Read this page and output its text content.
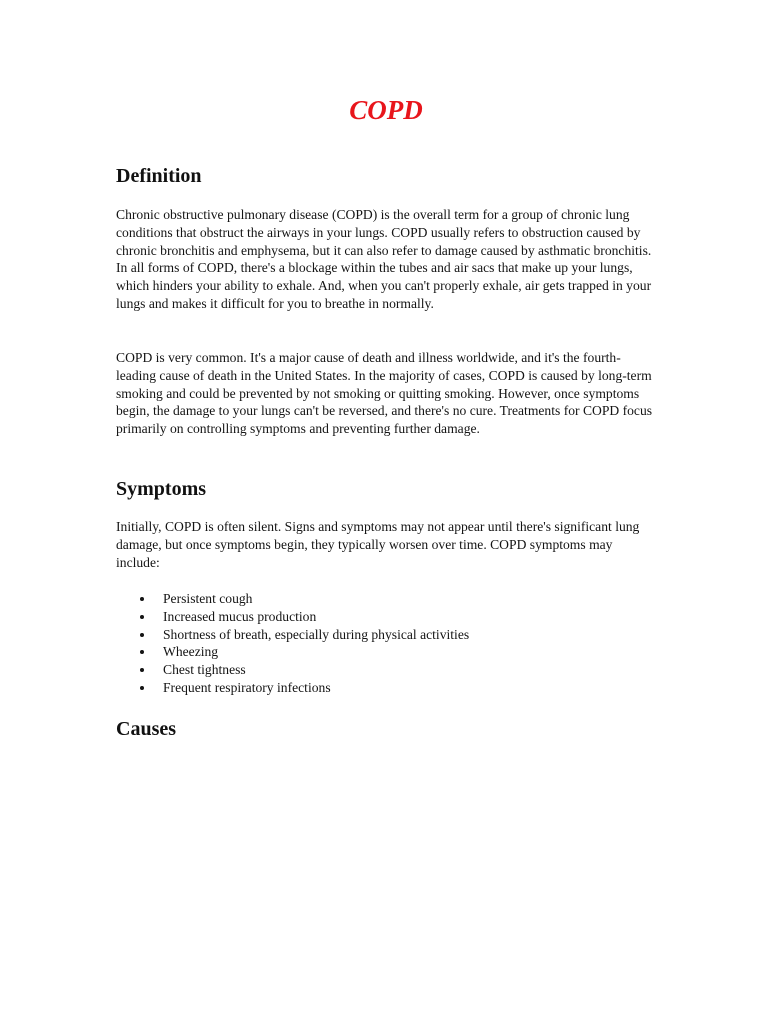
COPD
Definition

Chronic obstructive pulmonary disease (COPD) is the overall term for a group of chronic lung conditions that obstruct the airways in your lungs. COPD usually refers to obstruction caused by chronic bronchitis and emphysema, but it can also refer to damage caused by asthmatic bronchitis. In all forms of COPD, there's a blockage within the tubes and air sacs that make up your lungs, which hinders your ability to exhale. And, when you can't properly exhale, air gets trapped in your lungs and makes it difficult for you to breathe in normally.

COPD is very common. It's a major cause of death and illness worldwide, and it's the fourth-leading cause of death in the United States. In the majority of cases, COPD is caused by long-term smoking and could be prevented by not smoking or quitting smoking. However, once symptoms begin, the damage to your lungs can't be reversed, and there's no cure. Treatments for COPD focus primarily on controlling symptoms and preventing further damage.

Symptoms

Initially, COPD is often silent. Signs and symptoms may not appear until there's significant lung damage, but once symptoms begin, they typically worsen over time. COPD symptoms may include:

Persistent cough
Increased mucus production
Shortness of breath, especially during physical activities
Wheezing
Chest tightness
Frequent respiratory infections
Causes
